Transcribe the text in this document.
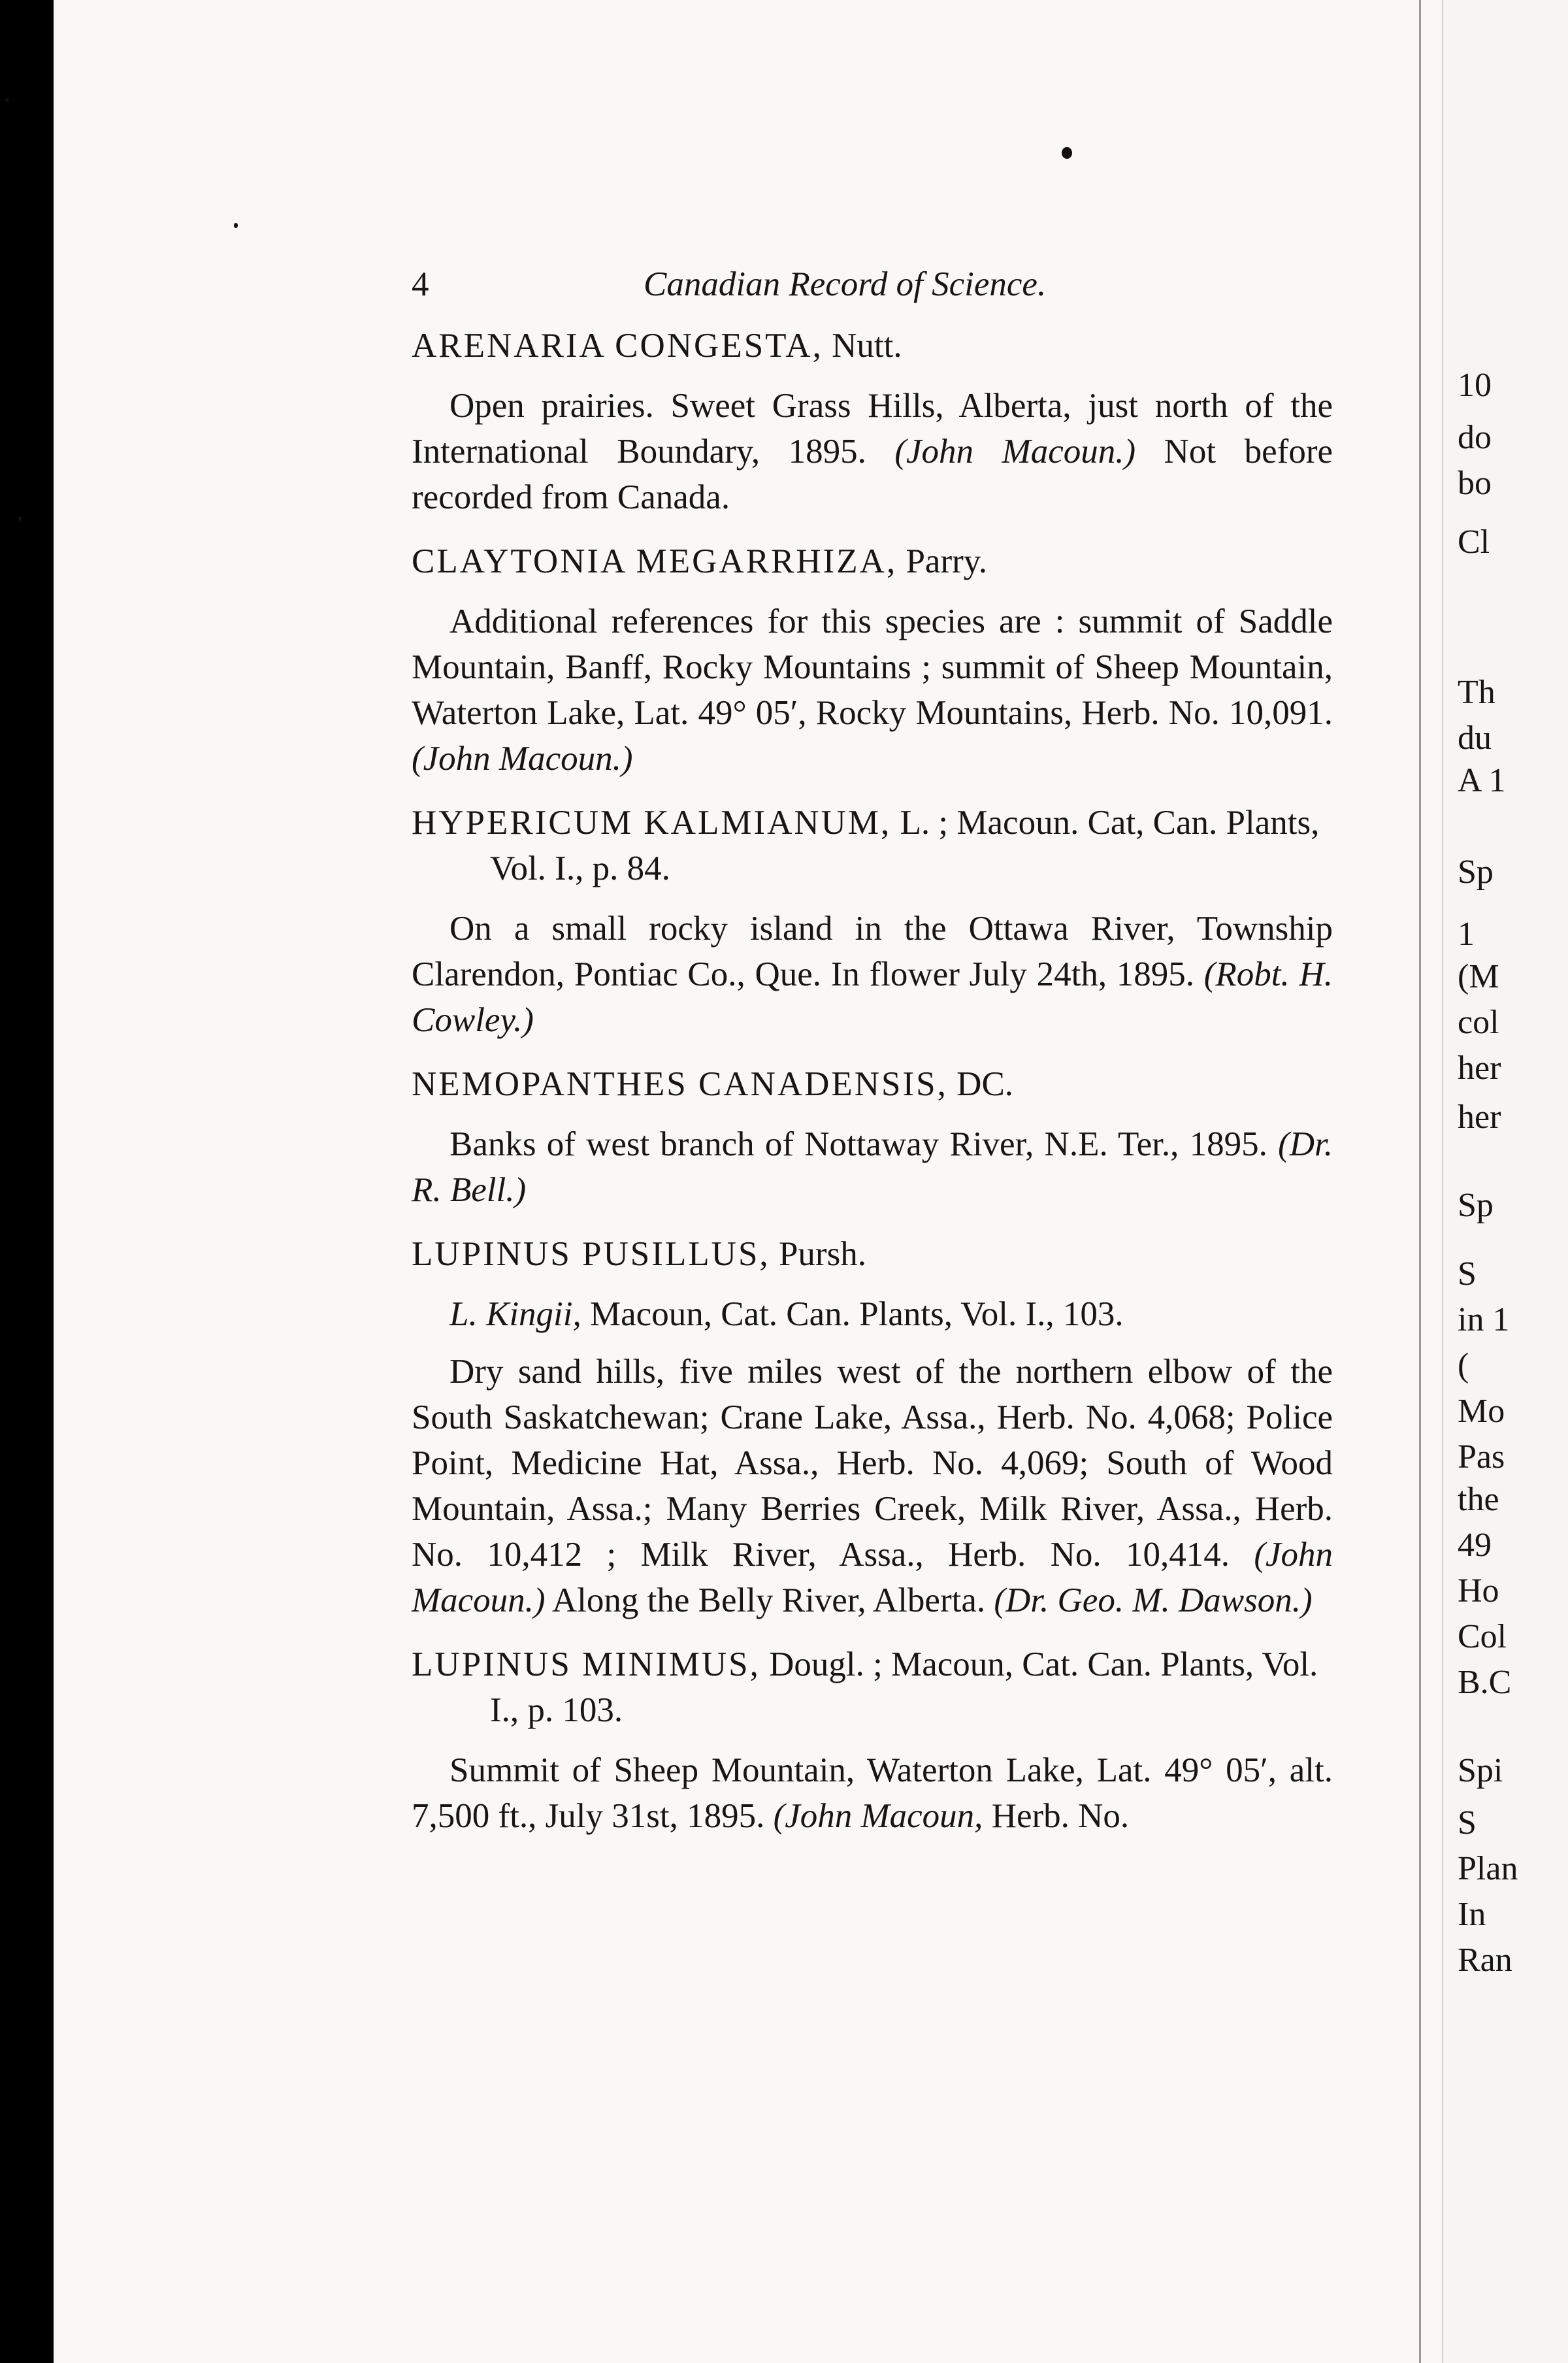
10
do
bo
Cl
Th
du
A 1
Sp
1
(M
col
her
her
Sp
S
in 1
(
Mo
Pas
the
49
Ho
Col
B.C
Spi
S
Plan
In
Ran
4	Canadian Record of Science.

ARENARIA CONGESTA, Nutt.

Open prairies. Sweet Grass Hills, Alberta, just north of the International Boundary, 1895. (John Macoun.) Not before recorded from Canada.

CLAYTONIA MEGARRHIZA, Parry.

Additional references for this species are : summit of Saddle Mountain, Banff, Rocky Mountains ; summit of Sheep Mountain, Waterton Lake, Lat. 49° 05′, Rocky Mountains, Herb. No. 10,091. (John Macoun.)

HYPERICUM KALMIANUM, L. ; Macoun. Cat, Can. Plants, Vol. I., p. 84.

On a small rocky island in the Ottawa River, Township Clarendon, Pontiac Co., Que. In flower July 24th, 1895. (Robt. H. Cowley.)

NEMOPANTHES CANADENSIS, DC.

Banks of west branch of Nottaway River, N.E. Ter., 1895. (Dr. R. Bell.)

LUPINUS PUSILLUS, Pursh.

L. Kingii, Macoun, Cat. Can. Plants, Vol. I., 103.

Dry sand hills, five miles west of the northern elbow of the South Saskatchewan; Crane Lake, Assa., Herb. No. 4,068; Police Point, Medicine Hat, Assa., Herb. No. 4,069; South of Wood Mountain, Assa.; Many Berries Creek, Milk River, Assa., Herb. No. 10,412 ; Milk River, Assa., Herb. No. 10,414. (John Macoun.) Along the Belly River, Alberta. (Dr. Geo. M. Dawson.)

LUPINUS MINIMUS, Dougl. ; Macoun, Cat. Can. Plants, Vol. I., p. 103.

Summit of Sheep Mountain, Waterton Lake, Lat. 49° 05′, alt. 7,500 ft., July 31st, 1895. (John Macoun, Herb. No.
